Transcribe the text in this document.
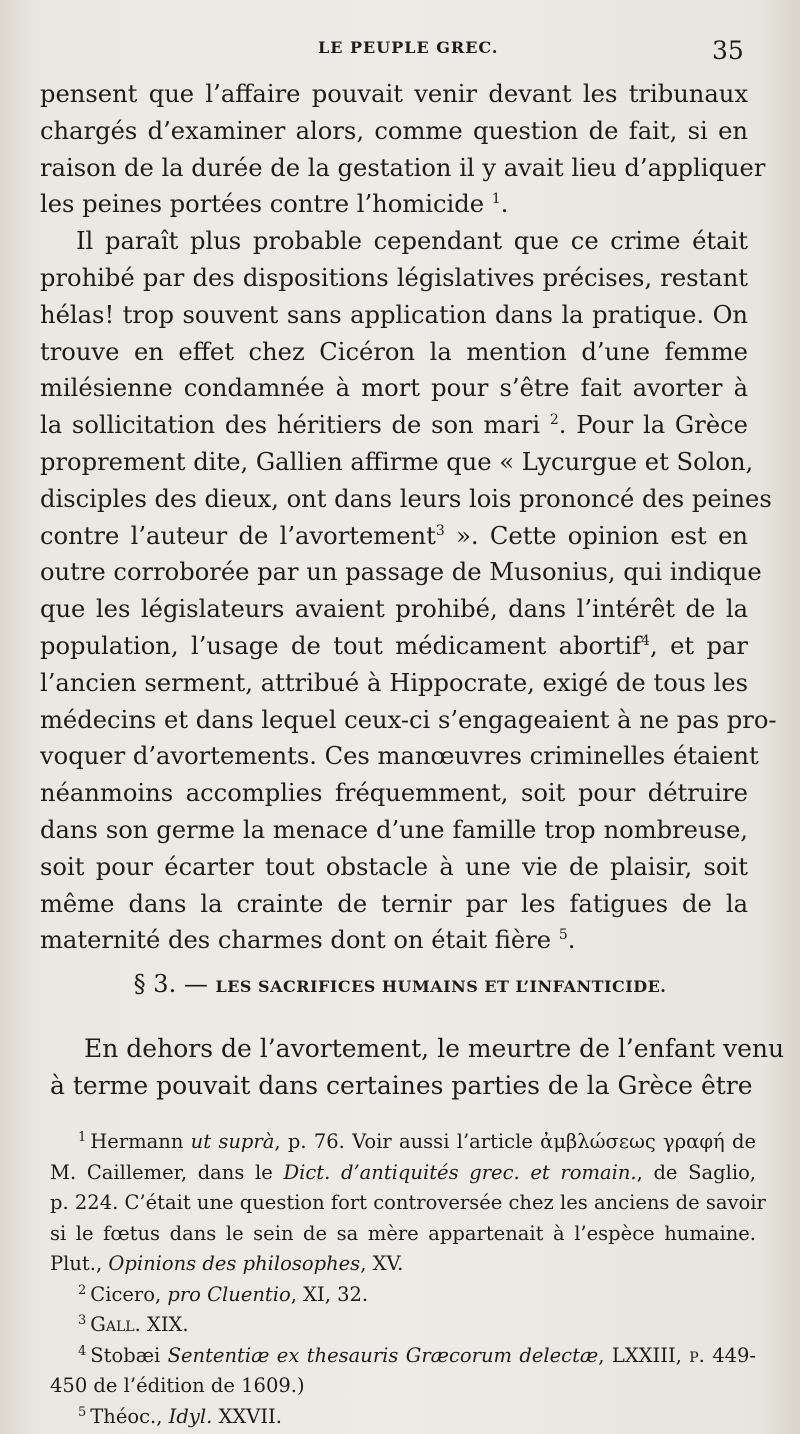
LE PEUPLE GREC.	35
pensent que l’affaire pouvait venir devant les tribunaux
chargés d’examiner alors, comme question de fait, si en
raison de la durée de la gestation il y avait lieu d’appliquer
les peines portées contre l’homicide $^1$.
Il paraît plus probable cependant que ce crime était
prohibé par des dispositions législatives précises, restant
hélas! trop souvent sans application dans la pratique. On
trouve en effet chez Cicéron la mention d’une femme
milésienne condamnée à mort pour s’être fait avorter à
la sollicitation des héritiers de son mari $^2$. Pour la Grèce
proprement dite, Gallien affirme que « Lycurgue et Solon,
disciples des dieux, ont dans leurs lois prononcé des peines
contre l’auteur de l’avortement$^3$ ». Cette opinion est en
outre corroborée par un passage de Musonius, qui indique
que les législateurs avaient prohibé, dans l’intérêt de la
population, l’usage de tout médicament abortif$^4$, et par
l’ancien serment, attribué à Hippocrate, exigé de tous les
médecins et dans lequel ceux-ci s’engageaient à ne pas pro-
voquer d’avortements. Ces manœuvres criminelles étaient
néanmoins accomplies fréquemment, soit pour détruire
dans son germe la menace d’une famille trop nombreuse,
soit pour écarter tout obstacle à une vie de plaisir, soit
même dans la crainte de ternir par les fatigues de la
maternité des charmes dont on était fière $^5$.
§ 3. — LES SACRIFICES HUMAINS ET L’INFANTICIDE.
En dehors de l’avortement, le meurtre de l’enfant venu
à terme pouvait dans certaines parties de la Grèce être
$^1$ Hermann ut suprà, p. 76. Voir aussi l’article ἀμβλώσεως γραφή de
M. Caillemer, dans le Dict. d’antiquités grec. et romain., de Saglio,
p. 224. C’était une question fort controversée chez les anciens de savoir
si le fœtus dans le sein de sa mère appartenait à l’espèce humaine.
Plut., Opinions des philosophes, XV.
$^2$ Cicero, pro Cluentio, XI, 32.
$^3$ Gall. XIX.
$^4$ Stobæi Sententiæ ex thesauris Græcorum delectæ, LXXIII, p. 449-
450 de l’édition de 1609.)
$^5$ Théoc., Idyl. XXVII.
